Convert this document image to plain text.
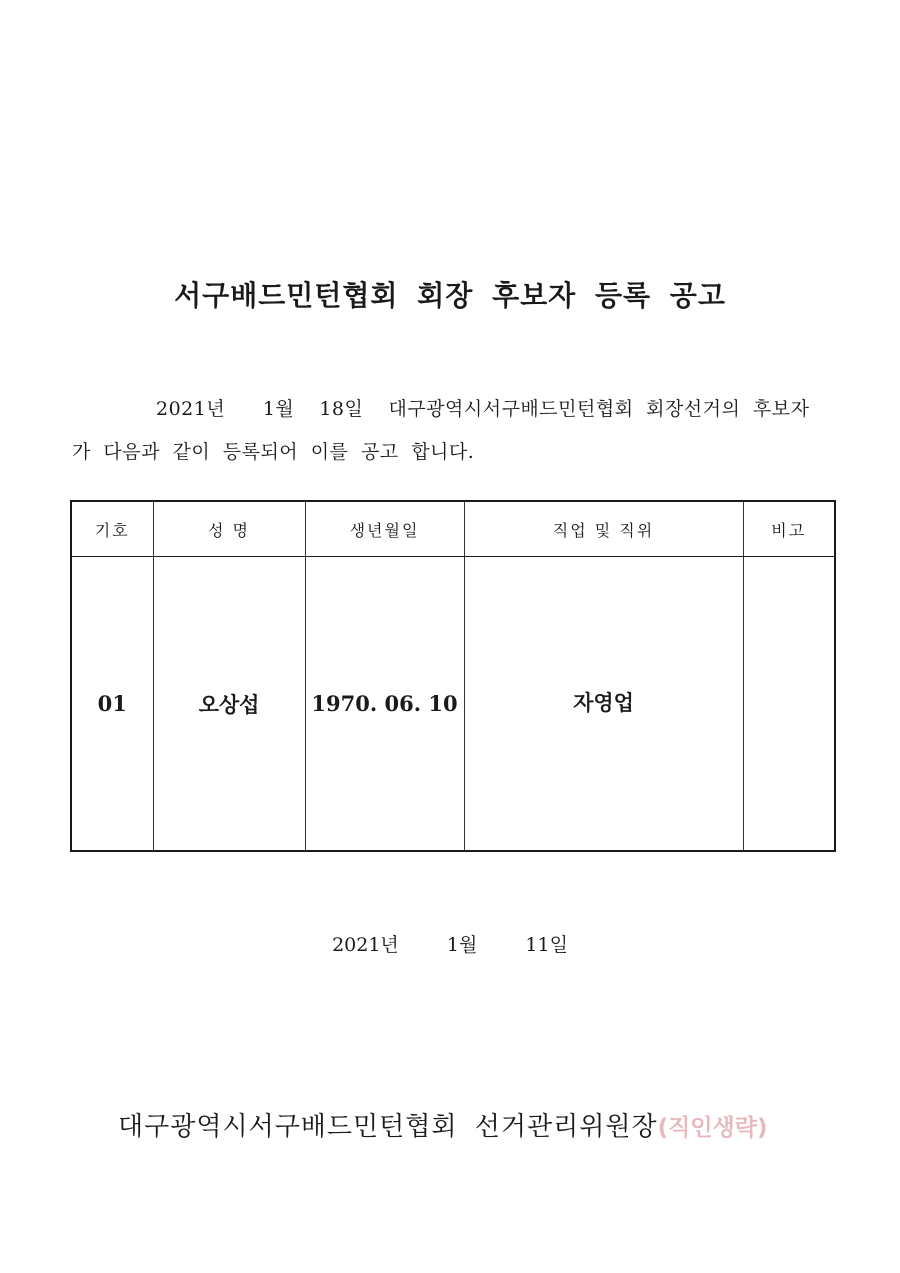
서구배드민턴협회 회장 후보자 등록 공고
2021년   1월  18일  대구광역시서구배드민턴협회 회장선거의 후보자
가 다음과 같이 등록되어 이를 공고 합니다.
기호	성 명	생년월일	직업 및 직위	비고
01	오상섭	1970. 06. 10	자영업	
2021년  1월  11일
대구광역시서구배드민턴협회 선거관리위원장(직인생략)
